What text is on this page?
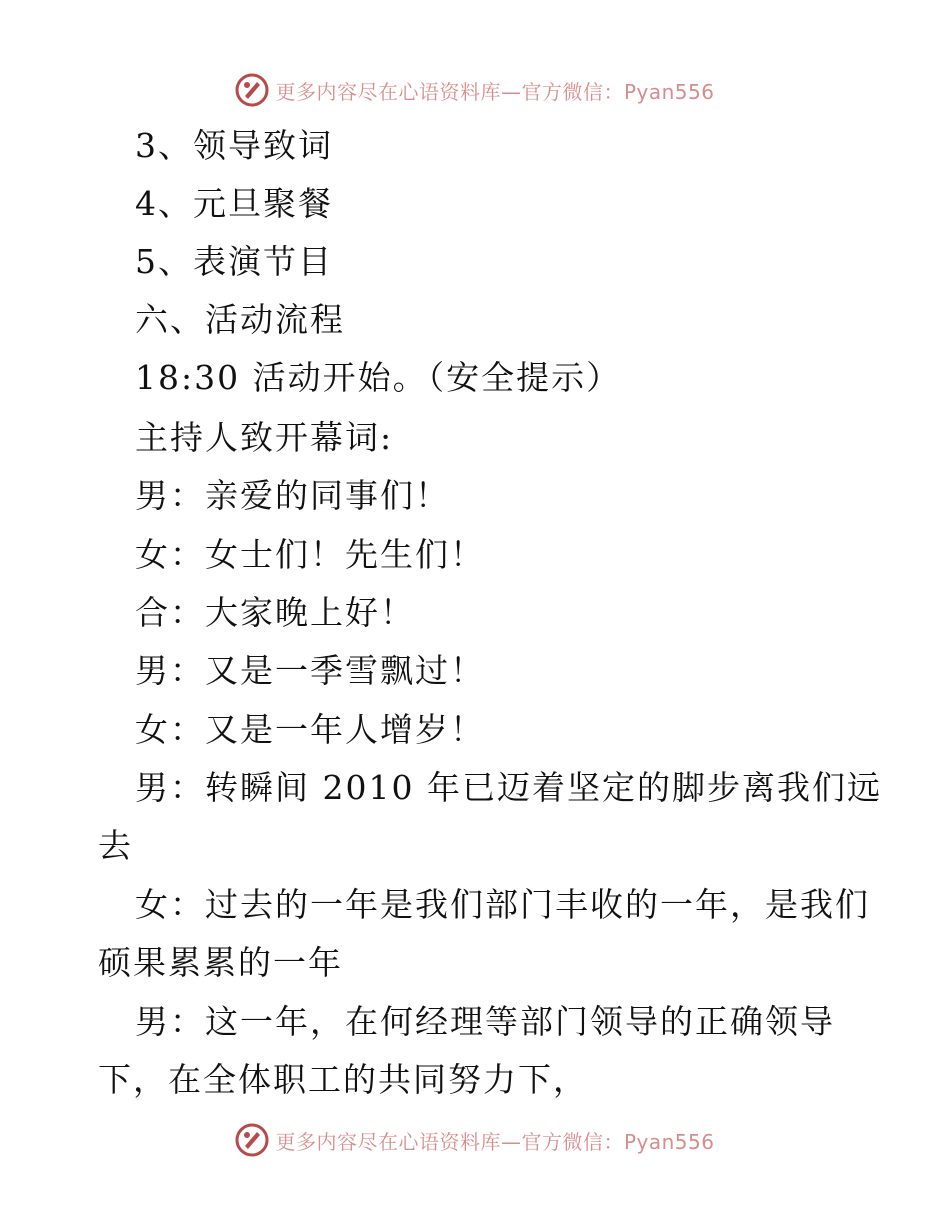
更多内容尽在心语资料库—官方微信：Pyan556
3、领导致词
4、元旦聚餐
5、表演节目
六、活动流程
18:30 活动开始。（安全提示）
主持人致开幕词:
男：亲爱的同事们！
女：女士们！先生们！
合：大家晚上好！
男：又是一季雪飘过！
女：又是一年人增岁！
男：转瞬间 2010 年已迈着坚定的脚步离我们远
去
女：过去的一年是我们部门丰收的一年，是我们
硕果累累的一年
男：这一年，在何经理等部门领导的正确领导
下，在全体职工的共同努力下，
更多内容尽在心语资料库—官方微信：Pyan556
